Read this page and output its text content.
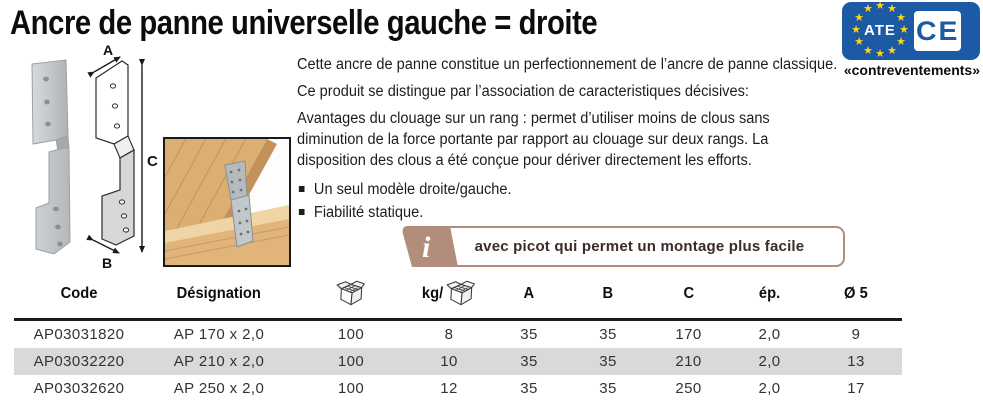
Ancre de panne universelle gauche = droite	★ ★
★
★
★
★
★
★
★
★
★
★
ATE CE
«contreventements»
A
B
C
Cette ancre de panne constitue un perfectionnement de l’ancre de panne classique.
Ce produit se distingue par l’association de caracteristiques décisives:
Avantages du clouage sur un rang : permet d’utiliser moins de clous sans
diminution de la force portante par rapport au clouage sur deux rangs. La
disposition des clous a été conçue pour dériver directement les efforts.
Un seul modèle droite/gauche.
Fiabilité statique.
avec picot qui permet un montage plus facile
i
Code	Désignation		kg/	A	B	C	ép.	Ø 5
AP03031820	AP 170 x 2,0	100	8	35	35	170	2,0	9
AP03032220	AP 210 x 2,0	100	10	35	35	210	2,0	13
AP03032620	AP 250 x 2,0	100	12	35	35	250	2,0	17
